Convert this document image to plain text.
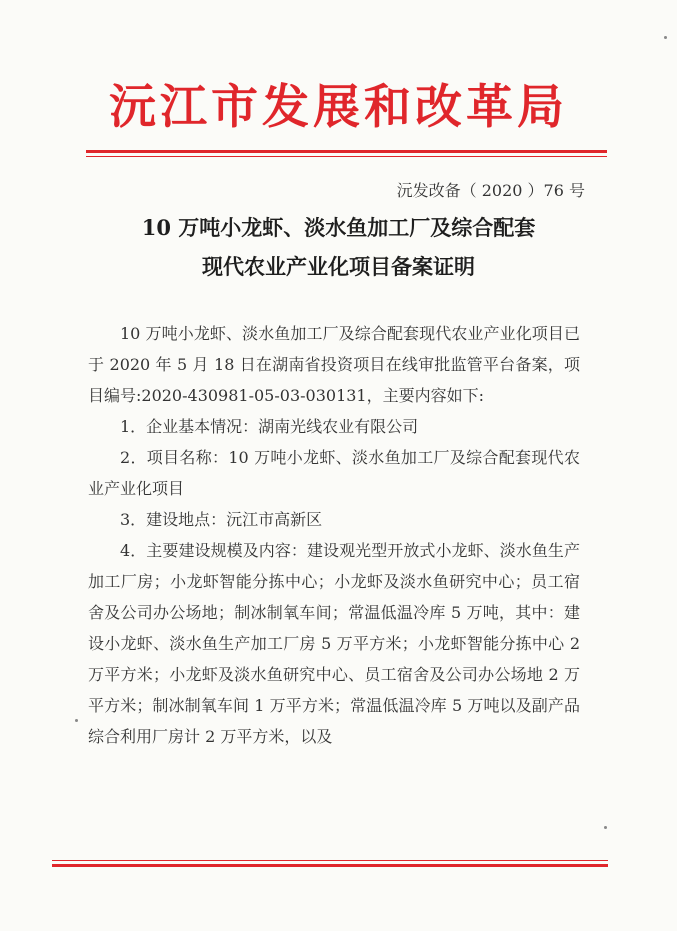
沅江市发展和改革局
沅发改备（ 2020 ）76 号
10 万吨小龙虾、淡水鱼加工厂及综合配套
现代农业产业化项目备案证明

10 万吨小龙虾、淡水鱼加工厂及综合配套现代农业产业化项目已于 2020 年 5 月 18 日在湖南省投资项目在线审批监管平台备案，项目编号:2020-430981-05-03-030131，主要内容如下:

1．企业基本情况：湖南光线农业有限公司

2．项目名称：10 万吨小龙虾、淡水鱼加工厂及综合配套现代农业产业化项目

3．建设地点：沅江市高新区

4．主要建设规模及内容：建设观光型开放式小龙虾、淡水鱼生产加工厂房；小龙虾智能分拣中心；小龙虾及淡水鱼研究中心；员工宿舍及公司办公场地；制冰制氧车间；常温低温冷库 5 万吨，其中：建设小龙虾、淡水鱼生产加工厂房 5 万平方米；小龙虾智能分拣中心 2 万平方米；小龙虾及淡水鱼研究中心、员工宿舍及公司办公场地 2 万平方米；制冰制氧车间 1 万平方米；常温低温冷库 5 万吨以及副产品综合利用厂房计 2 万平方米，以及
